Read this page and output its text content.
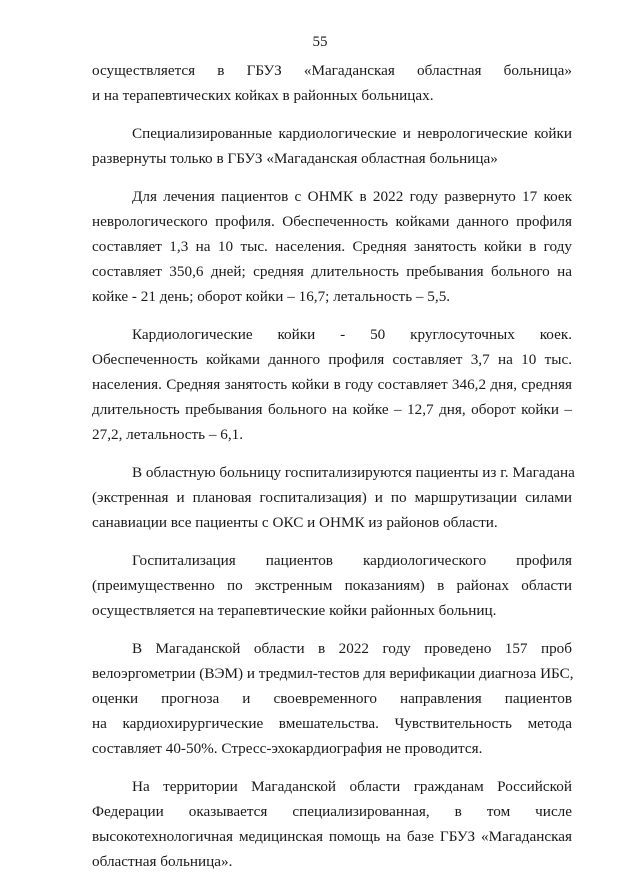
55
осуществляется в ГБУЗ «Магаданская областная больница»
и на терапевтических койках в районных больницах.
Специализированные кардиологические и неврологические койки
развернуты только в ГБУЗ «Магаданская областная больница»
Для лечения пациентов с ОНМК в 2022 году развернуто 17 коек
неврологического профиля. Обеспеченность койками данного профиля
составляет 1,3 на 10 тыс. населения. Средняя занятость койки в году
составляет 350,6 дней; средняя длительность пребывания больного на
койке - 21 день; оборот койки – 16,7; летальность – 5,5.
Кардиологические койки - 50 круглосуточных коек.
Обеспеченность койками данного профиля составляет 3,7 на 10 тыс.
населения. Средняя занятость койки в году составляет 346,2 дня, средняя
длительность пребывания больного на койке – 12,7 дня, оборот койки –
27,2, летальность – 6,1.
В областную больницу госпитализируются пациенты из г. Магадана
(экстренная и плановая госпитализация) и по маршрутизации силами
санавиации все пациенты с ОКС и ОНМК из районов области.
Госпитализация пациентов кардиологического профиля
(преимущественно по экстренным показаниям) в районах области
осуществляется на терапевтические койки районных больниц.
В Магаданской области в 2022 году проведено 157 проб
велоэргометрии (ВЭМ) и тредмил-тестов для верификации диагноза ИБС,
оценки прогноза и своевременного направления пациентов
на кардиохирургические вмешательства. Чувствительность метода
составляет 40-50%. Стресс-эхокардиография не проводится.
На территории Магаданской области гражданам Российской
Федерации оказывается специализированная, в том числе
высокотехнологичная медицинская помощь на базе ГБУЗ «Магаданская
областная больница».
